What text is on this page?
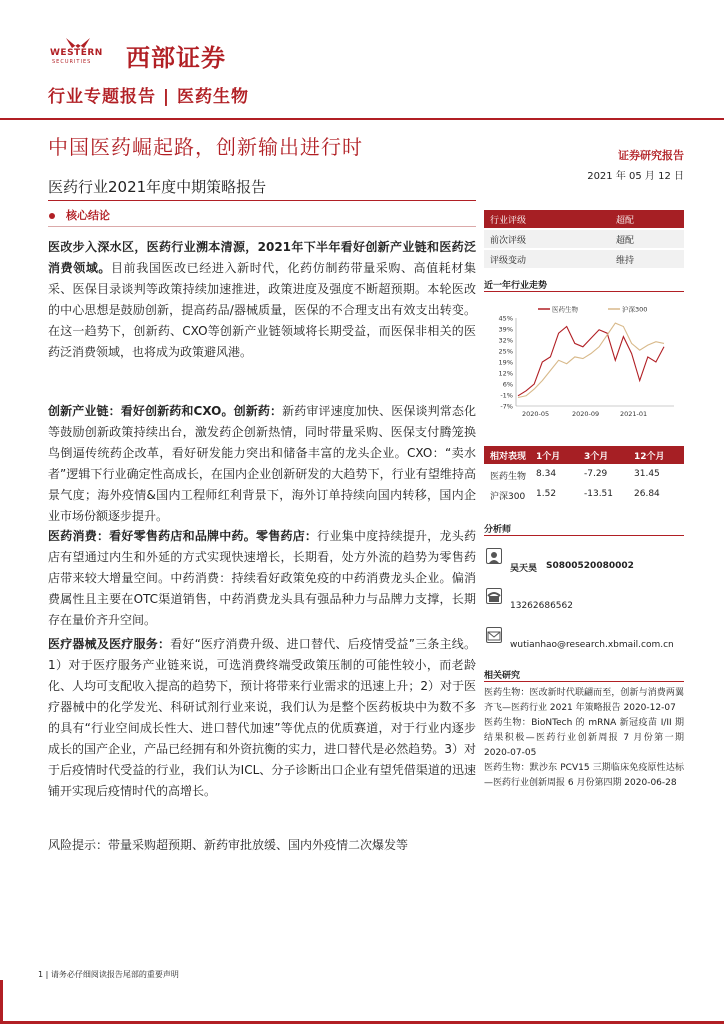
WESTERN
SECURITIES 西部证券
行业专题报告 | 医药生物
中国医药崛起路，创新输出进行时	证券研究报告
2021 年 05 月 12 日
医药行业2021年度中期策略报告
核心结论
医改步入深水区，医药行业溯本清源，2021年下半年看好创新产业链和医药泛消费领域。目前我国医改已经进入新时代，化药仿制药带量采购、高值耗材集采、医保目录谈判等政策持续加速推进，政策进度及强度不断超预期。本轮医改的中心思想是鼓励创新，提高药品/器械质量，医保的不合理支出有效支出转变。在这一趋势下，创新药、CXO等创新产业链领域将长期受益，而医保非相关的医药泛消费领域，也将成为政策避风港。
创新产业链：看好创新药和CXO。创新药：新药审评速度加快、医保谈判常态化等鼓励创新政策持续出台，激发药企创新热情，同时带量采购、医保支付腾笼换鸟倒逼传统药企改革，看好研发能力突出和储备丰富的龙头企业。CXO：“卖水者”逻辑下行业确定性高成长，在国内企业创新研发的大趋势下，行业有望维持高景气度；海外疫情&国内工程师红利背景下，海外订单持续向国内转移，国内企业市场份额逐步提升。
医药消费：看好零售药店和品牌中药。零售药店：行业集中度持续提升，龙头药店有望通过内生和外延的方式实现快速增长，长期看，处方外流的趋势为零售药店带来较大增量空间。中药消费：持续看好政策免疫的中药消费龙头企业。偏消费属性且主要在OTC渠道销售，中药消费龙头具有强品种力与品牌力支撑，长期存在量价齐升空间。
医疗器械及医疗服务：看好“医疗消费升级、进口替代、后疫情受益”三条主线。1）对于医疗服务产业链来说，可选消费终端受政策压制的可能性较小，而老龄化、人均可支配收入提高的趋势下，预计将带来行业需求的迅速上升；2）对于医疗器械中的化学发光、科研试剂行业来说，我们认为是整个医药板块中为数不多的具有“行业空间成长性大、进口替代加速”等优点的优质赛道，对于行业内逐步成长的国产企业，产品已经拥有和外资抗衡的实力，进口替代是必然趋势。3）对于后疫情时代受益的行业，我们认为ICL、分子诊断出口企业有望凭借渠道的迅速铺开实现后疫情时代的高增长。
风险提示：带量采购超预期、新药审批放缓、国内外疫情二次爆发等
行业评级	超配
前次评级	超配
评级变动	维持
近一年行业走势
45%
39%
32%
25%
19%
12%
6%
-1%
-7%
2020-05	2020-09	2021-01
医药生物	沪深300
相对表现 1个月	3个月	12个月
医药生物 8.34	-7.29	31.45
沪深300 1.52	-13.51 26.84
分析师
吴天昊 S0800520080002
13262686562
wutianhao@research.xbmail.com.cn
相关研究
医药生物：医改新时代联翩而至，创新与消费两翼齐飞—医药行业 2021 年策略报告 2020-12-07
医药生物：BioNTech 的 mRNA 新冠疫苗 I/II 期结果积极—医药行业创新周报 7 月份第一期 2020-07-05
医药生物：默沙东 PCV15 三期临床免疫原性达标—医药行业创新周报 6 月份第四期 2020-06-28
1 | 请务必仔细阅读报告尾部的重要声明
